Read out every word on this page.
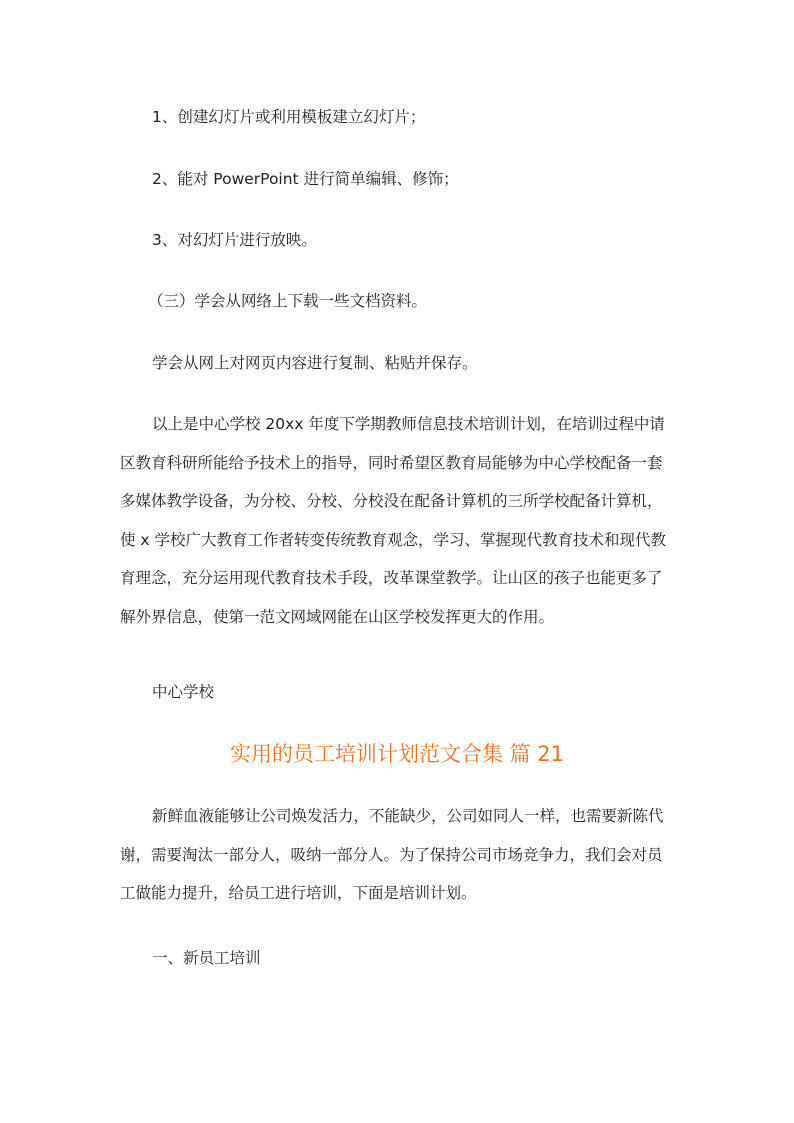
1、创建幻灯片或利用模板建立幻灯片；
2、能对 PowerPoint 进行简单编辑、修饰；
3、对幻灯片进行放映。
（三）学会从网络上下载一些文档资料。
学会从网上对网页内容进行复制、粘贴并保存。
以上是中心学校 20xx 年度下学期教师信息技术培训计划，在培训过程中请
区教育科研所能给予技术上的指导，同时希望区教育局能够为中心学校配备一套
多媒体教学设备，为分校、分校、分校没在配备计算机的三所学校配备计算机，
使 x 学校广大教育工作者转变传统教育观念，学习、掌握现代教育技术和现代教
育理念，充分运用现代教育技术手段，改革课堂教学。让山区的孩子也能更多了
解外界信息，使第一范文网域网能在山区学校发挥更大的作用。
中心学校
实用的员工培训计划范文合集 篇 21
新鲜血液能够让公司焕发活力，不能缺少，公司如同人一样，也需要新陈代
谢，需要淘汰一部分人，吸纳一部分人。为了保持公司市场竞争力，我们会对员
工做能力提升，给员工进行培训，下面是培训计划。
一、新员工培训
